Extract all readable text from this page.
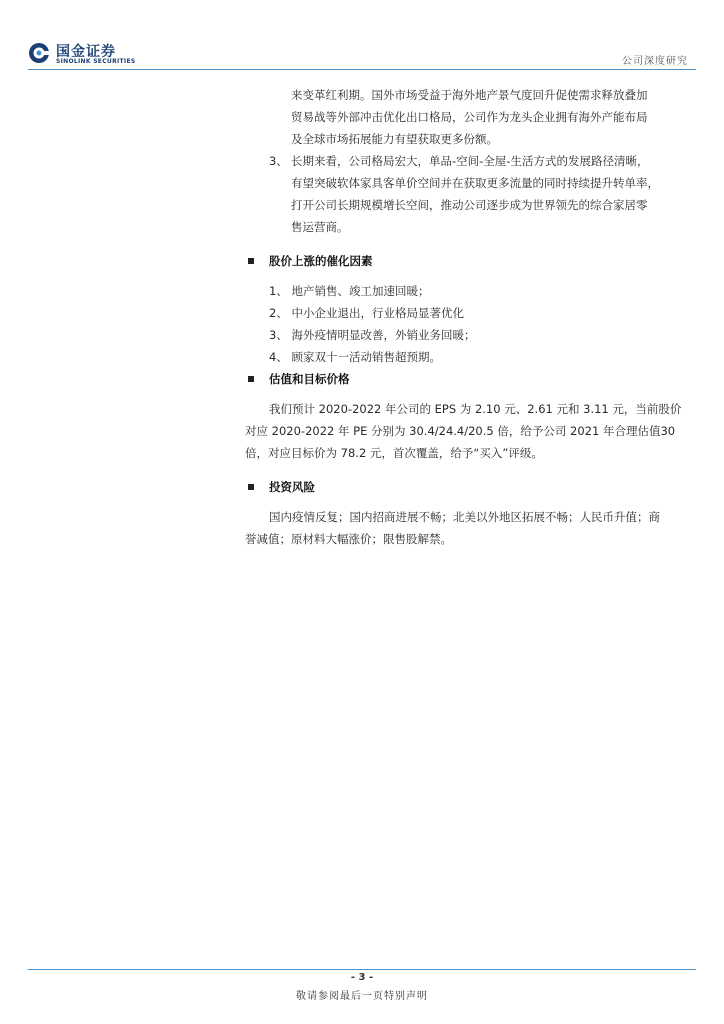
国金证券
SINOLINK SECURITIES	公司深度研究
来变革红利期。国外市场受益于海外地产景气度回升促使需求释放叠加
贸易战等外部冲击优化出口格局，公司作为龙头企业拥有海外产能布局
及全球市场拓展能力有望获取更多份额。
3、 长期来看，公司格局宏大，单品-空间-全屋-生活方式的发展路径清晰，
有望突破软体家具客单价空间并在获取更多流量的同时持续提升转单率，
打开公司长期规模增长空间，推动公司逐步成为世界领先的综合家居零
售运营商。
股价上涨的催化因素
1、 地产销售、竣工加速回暖；
2、 中小企业退出，行业格局显著优化
3、 海外疫情明显改善，外销业务回暖；
4、 顾家双十一活动销售超预期。
估值和目标价格
我们预计 2020-2022 年公司的 EPS 为 2.10 元、2.61 元和 3.11 元，当前股价
对应 2020-2022 年 PE 分别为 30.4/24.4/20.5 倍，给予公司 2021 年合理估值30
倍，对应目标价为 78.2 元，首次覆盖，给予“买入”评级。
投资风险
国内疫情反复；国内招商进展不畅；北美以外地区拓展不畅；人民币升值；商
誉减值；原材料大幅涨价；限售股解禁。
- 3 -
敬请参阅最后一页特别声明
